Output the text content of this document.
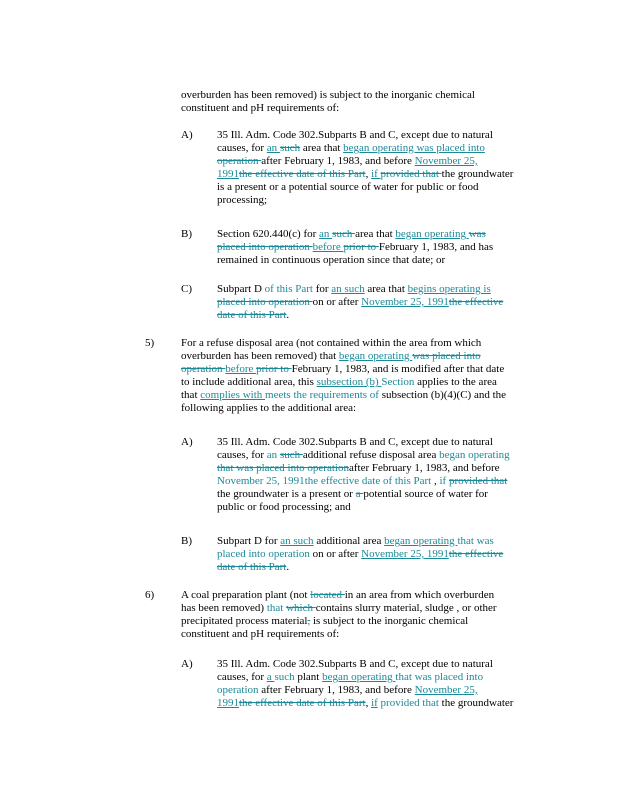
overburden has been removed) is subject to the inorganic chemical
constituent and pH requirements of:

A) 35 Ill. Adm. Code 302.Subparts B and C, except due to natural
causes, for an such area that began operating was placed into
operation after February 1, 1983, and before November 25,
1991the effective date of this Part, if provided that the groundwater
is a present or a potential source of water for public or food
processing;

B) Section 620.440(c) for an such area that began operating was
placed into operation before prior to February 1, 1983, and has
remained in continuous operation since that date; or

C) Subpart D of this Part for an such area that begins operating is
placed into operation on or after November 25, 1991the effective
date of this Part.

5) For a refuse disposal area (not contained within the area from which
overburden has been removed) that began operating was placed into
operation before prior to February 1, 1983, and is modified after that date
to include additional area, this subsection (b) Section applies to the area
that complies with meets the requirements of subsection (b)(4)(C) and the
following applies to the additional area:

A) 35 Ill. Adm. Code 302.Subparts B and C, except due to natural
causes, for an such additional refuse disposal area began operating
that was placed into operationafter February 1, 1983, and before
November 25, 1991the effective date of this Part , if provided that
the groundwater is a present or a potential source of water for
public or food processing; and

B) Subpart D for an such additional area began operating that was
placed into operation on or after November 25, 1991the effective
date of this Part.

6) A coal preparation plant (not located in an area from which overburden
has been removed) that which contains slurry material, sludge , or other
precipitated process material, is subject to the inorganic chemical
constituent and pH requirements of:

A) 35 Ill. Adm. Code 302.Subparts B and C, except due to natural
causes, for a such plant began operating that was placed into
operation after February 1, 1983, and before November 25,
1991the effective date of this Part, if provided that the groundwater
